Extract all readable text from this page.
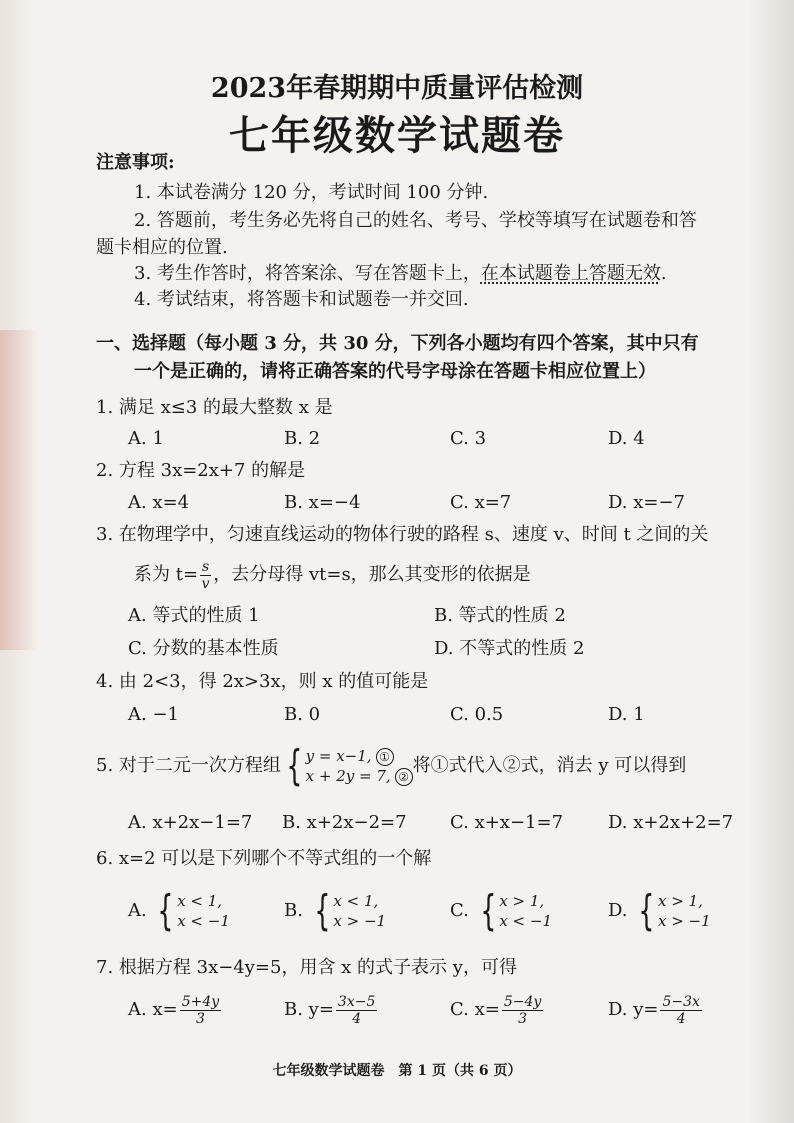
2023年春期期中质量评估检测
七年级数学试题卷
注意事项:
1. 本试卷满分 120 分，考试时间 100 分钟.
2. 答题前，考生务必先将自己的姓名、考号、学校等填写在试题卷和答
题卡相应的位置.
3. 考生作答时，将答案涂、写在答题卡上，在本试题卷上答题无效.
4. 考试结束，将答题卡和试题卷一并交回.
一、选择题（每小题 3 分，共 30 分，下列各小题均有四个答案，其中只有
一个是正确的，请将正确答案的代号字母涂在答题卡相应位置上）
1. 满足 x≤3 的最大整数 x 是
A. 1	B. 2	C. 3	D. 4
2. 方程 3x=2x+7 的解是
A. x=4	B. x=−4	C. x=7	D. x=−7
3. 在物理学中，匀速直线运动的物体行驶的路程 s、速度 v、时间 t 之间的关
系为 $t= \frac{s}{v}$ ，去分母得 vt=s，那么其变形的依据是
A. 等式的性质 1	B. 等式的性质 2
C. 分数的基本性质	D. 不等式的性质 2
4. 由 2<3，得 2x>3x，则 x 的值可能是
A. −1	B. 0	C. 0.5	D. 1
5. 对于二元一次方程组 { y = x−1, ①
x + 2y = 7, ②
将①式代入②式，消去 y 可以得到
A. x+2x−1=7 B. x+2x−2=7 C. x+x−1=7 D. x+2x+2=7
6. x=2 可以是下列哪个不等式组的一个解
A. { x < 1,
x < −1	B. { x < 1,
x > −1	C. { x > 1,
x < −1	D. { x > 1,
x > −1
7. 根据方程 3x−4y=5，用含 x 的式子表示 y，可得
A. $x= \frac{5+4y}{3}$	B. $y= \frac{3x-5}{4}$	C. $x= \frac{5-4y}{3}$	D. $y= \frac{5-3x}{4}$
七年级数学试题卷　第 1 页（共 6 页）
